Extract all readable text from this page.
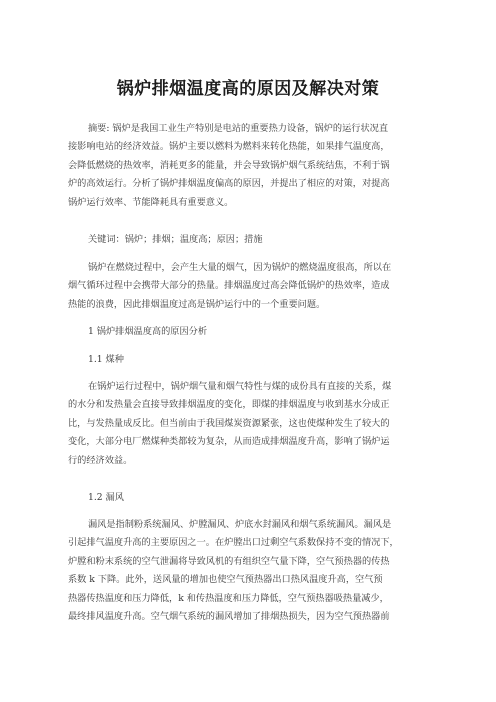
锅炉排烟温度高的原因及解决对策
摘要: 锅炉是我国工业生产特别是电站的重要热力设备，锅炉的运行状况直
接影响电站的经济效益。锅炉主要以燃料为燃料来转化热能，如果排气温度高，
会降低燃烧的热效率，消耗更多的能量，并会导致锅炉烟气系统结焦，不利于锅
炉的高效运行。分析了锅炉排烟温度偏高的原因，并提出了相应的对策，对提高
锅炉运行效率、节能降耗具有重要意义。
关键词：锅炉；排烟；温度高；原因；措施
锅炉在燃烧过程中，会产生大量的烟气，因为锅炉的燃烧温度很高，所以在
烟气循环过程中会携带大部分的热量。排烟温度过高会降低锅炉的热效率，造成
热能的浪费，因此排烟温度过高是锅炉运行中的一个重要问题。
1 锅炉排烟温度高的原因分析
1.1 煤种
在锅炉运行过程中，锅炉烟气量和烟气特性与煤的成份具有直接的关系，煤
的水分和发热量会直接导致排烟温度的变化，即煤的排烟温度与收到基水分成正
比，与发热量成反比。但当前由于我国煤炭资源紧张，这也使煤种发生了较大的
变化，大部分电厂燃煤种类都较为复杂，从而造成排烟温度升高，影响了锅炉运
行的经济效益。
1.2 漏风
漏风是指制粉系统漏风、炉膛漏风、炉底水封漏风和烟气系统漏风。漏风是
引起排气温度升高的主要原因之一。在炉膛出口过剩空气系数保持不变的情况下，
炉膛和粉末系统的空气泄漏将导致风机的有组织空气量下降，空气预热器的传热
系数 k 下降。此外，送风量的增加也使空气预热器出口热风温度升高，空气预
热器传热温度和压力降低，k 和传热温度和压力降低，空气预热器吸热量减少，
最终排风温度升高。空气烟气系统的漏风增加了排烟热损失，因为空气预热器前
